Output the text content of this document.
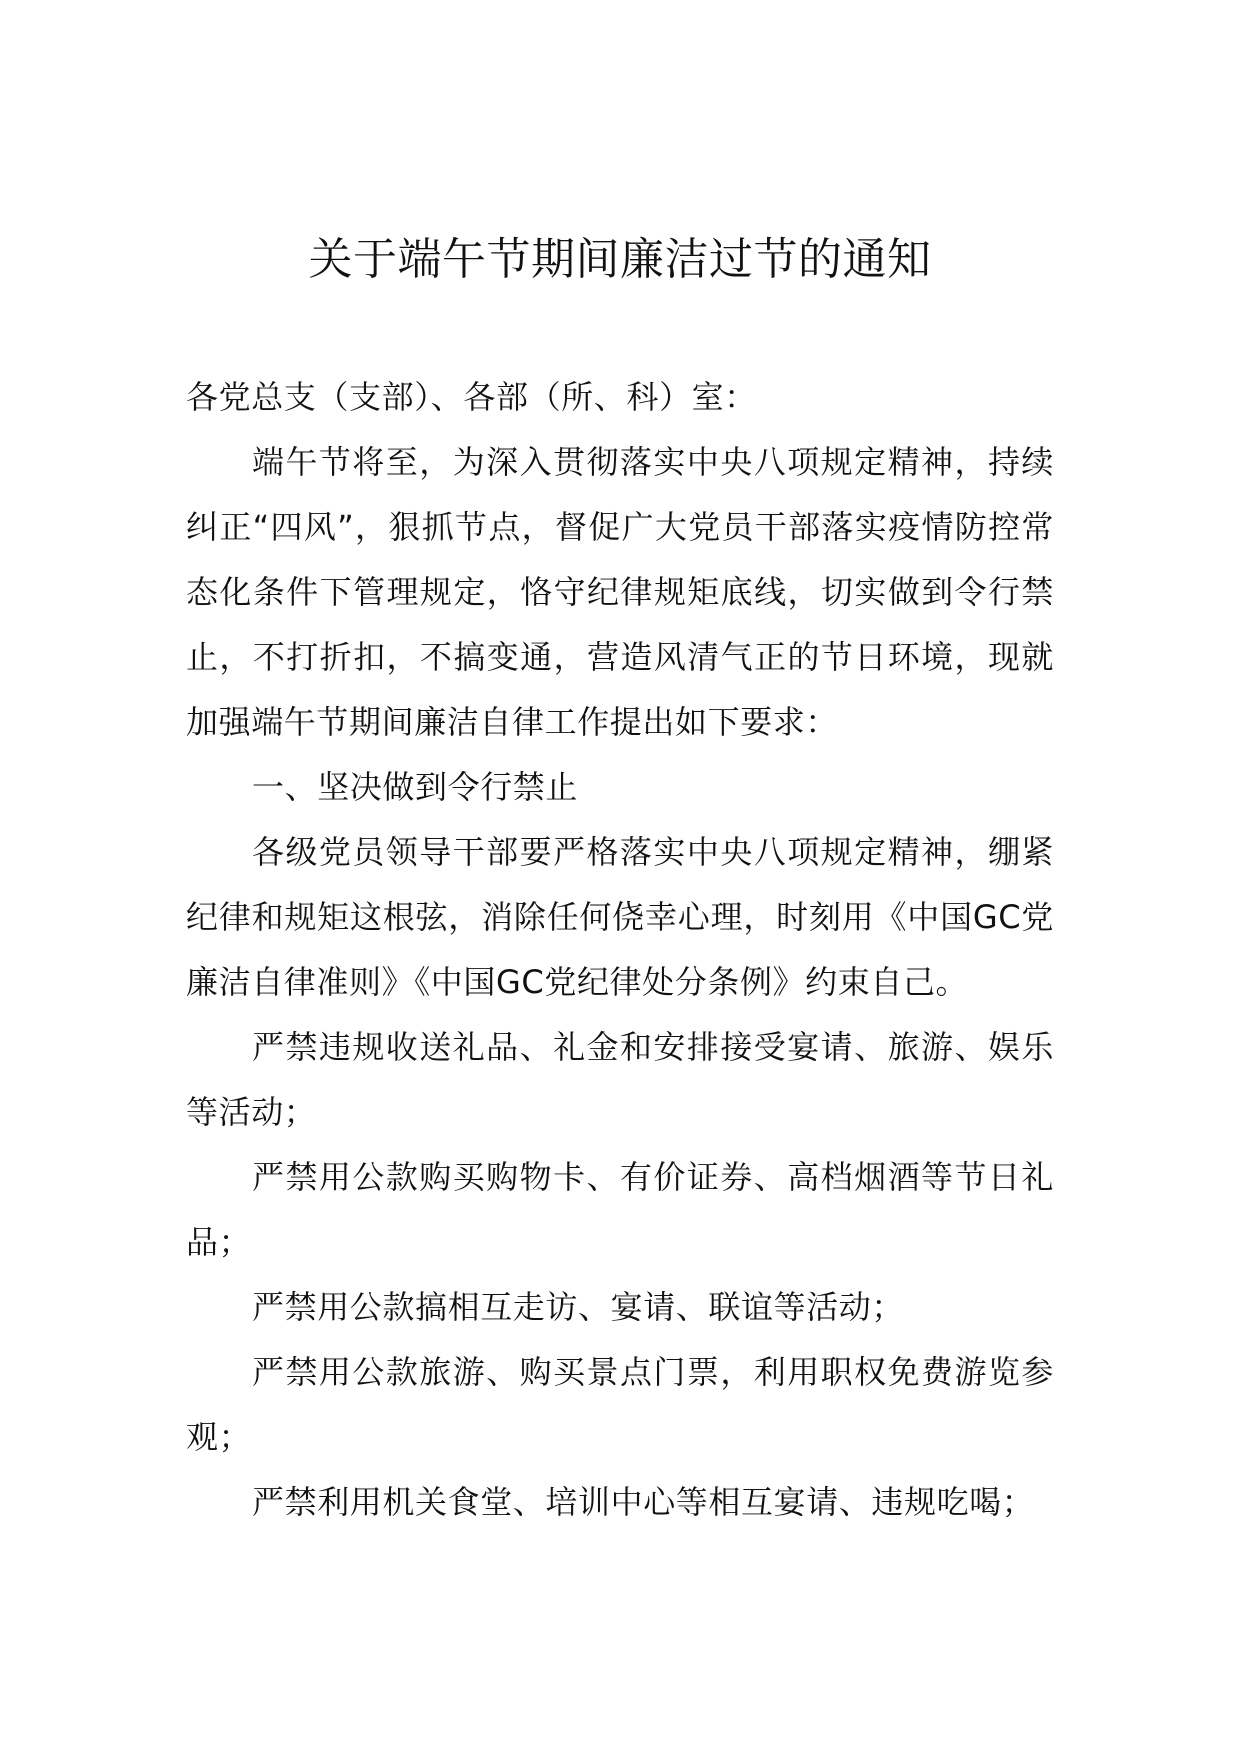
关于端午节期间廉洁过节的通知

各党总支（支部）、各部（所、科）室：

端午节将至，为深入贯彻落实中央八项规定精神，持续纠正“四风”，狠抓节点，督促广大党员干部落实疫情防控常态化条件下管理规定，恪守纪律规矩底线，切实做到令行禁止，不打折扣，不搞变通，营造风清气正的节日环境，现就加强端午节期间廉洁自律工作提出如下要求：

一、坚决做到令行禁止

各级党员领导干部要严格落实中央八项规定精神，绷紧纪律和规矩这根弦，消除任何侥幸心理，时刻用《中国GC党廉洁自律准则》《中国GC党纪律处分条例》约束自己。

严禁违规收送礼品、礼金和安排接受宴请、旅游、娱乐等活动；

严禁用公款购买购物卡、有价证券、高档烟酒等节日礼品；

严禁用公款搞相互走访、宴请、联谊等活动；

严禁用公款旅游、购买景点门票，利用职权免费游览参观；

严禁利用机关食堂、培训中心等相互宴请、违规吃喝；
